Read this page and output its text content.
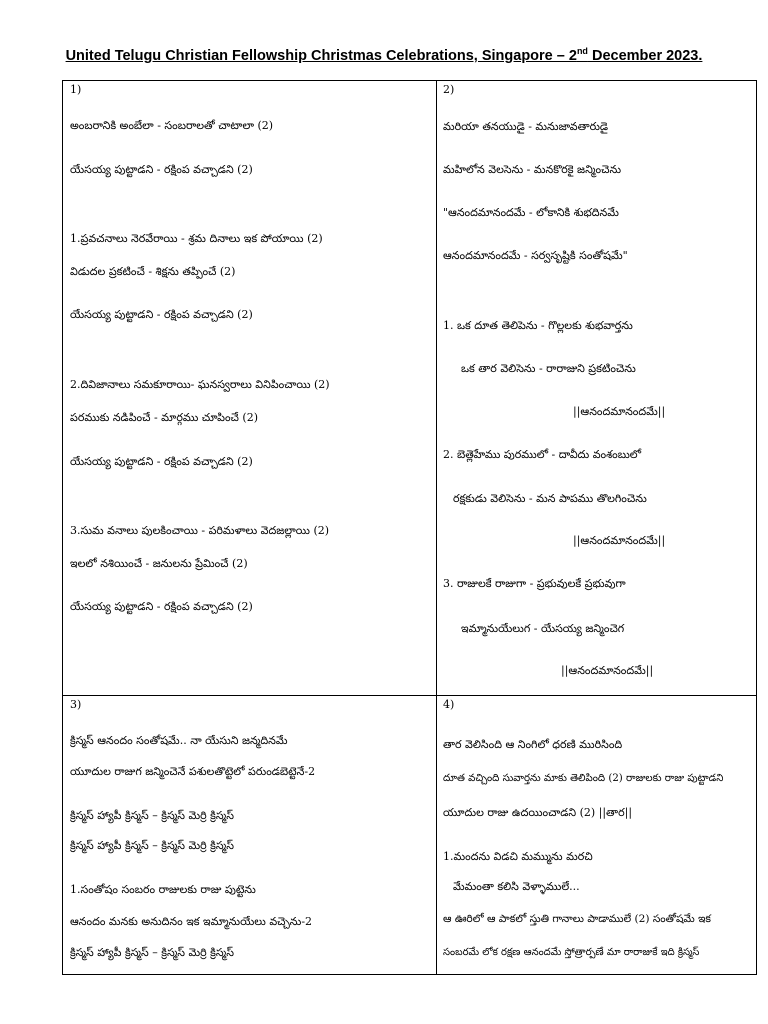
United Telugu Christian Fellowship Christmas Celebrations, Singapore – 2nd December 2023.
1)
అంబరానికి అంబేలా - సంబరాలతో చాటాలా (2)
యేసయ్య పుట్టాడని - రక్షింప వచ్చాడని (2)
1.ప్రవచనాలు నెరవేరాయి - శ్రమ దినాలు ఇక పోయాయి (2)
విడుదల ప్రకటించే - శిక్షను తప్పించే (2)
యేసయ్య పుట్టాడని - రక్షింప వచ్చాడని (2)
2.దివిజానాలు సమకూరాయి- ఘనస్వరాలు వినిపించాయి (2)
పరముకు నడిపించే - మార్గము చూపించే (2)
యేసయ్య పుట్టాడని - రక్షింప వచ్చాడని (2)
3.సుమ వనాలు పులకించాయి - పరిమళాలు వెదజల్లాయి (2)
ఇలలో నశియించే - జనులను ప్రేమించే (2)
యేసయ్య పుట్టాడని - రక్షింప వచ్చాడని (2)
2)
మరియా తనయుడై - మనుజావతారుడై
మహిలోన వెలసెను - మనకొరకై జన్మించెను
"ఆనందమానందమే - లోకానికి శుభదినమే
ఆనందమానందమే - సర్వసృష్టికి సంతోషమే"
1. ఒక దూత తెలిపెను - గొల్లలకు శుభవార్తను
ఒక తార వెలిసెను - రారాజుని ప్రకటించెను
||ఆనందమానందమే||
2. బెత్లెహేము పురములో - దావీదు వంశంబులో
రక్షకుడు వెలిసెను - మన పాపము తొలగించెను
||ఆనందమానందమే||
3. రాజులకే రాజుగా - ప్రభువులకే ప్రభువుగా
ఇమ్మానుయేలుగ - యేసయ్య జన్మించెగ
||ఆనందమానందమే||
3)
క్రిస్మస్ ఆనందం సంతోషమే.. నా యేసుని జన్మదినమే
యూదుల రాజుగ జన్మించెనే పశులతొట్టెలో పరుండబెట్టెనే-2
క్రిస్మస్ హ్యాపీ క్రిస్మస్ – క్రిస్మస్ మెర్రి క్రిస్మస్
క్రిస్మస్ హ్యాపీ క్రిస్మస్ – క్రిస్మస్ మెర్రి క్రిస్మస్
1.సంతోషం సంబరం రాజులకు రాజు పుట్టెను
ఆనందం మనకు అనుదినం ఇక ఇమ్మానుయేలు వచ్చెను-2
క్రిస్మస్ హ్యాపీ క్రిస్మస్ – క్రిస్మస్ మెర్రి క్రిస్మస్
4)
తార వెలిసింది ఆ నింగిలో ధరణి మురిసింది
దూత వచ్చింది సువార్తను మాకు తెలిపింది (2) రాజులకు రాజు పుట్టాడని
యూదుల రాజు ఉదయించాడని (2) ||తార||
1.మందను విడచి మమ్మును మరచి
మేమంతా కలిసి వెళ్ళాములే...
ఆ ఊరిలో ఆ పాకలో స్తుతి గానాలు పాడాములే (2) సంతోషమే ఇక
సంబరమే లోక రక్షణ ఆనందమే స్తోత్రార్పణే మా రారాజుకే ఇది క్రిస్మస్
